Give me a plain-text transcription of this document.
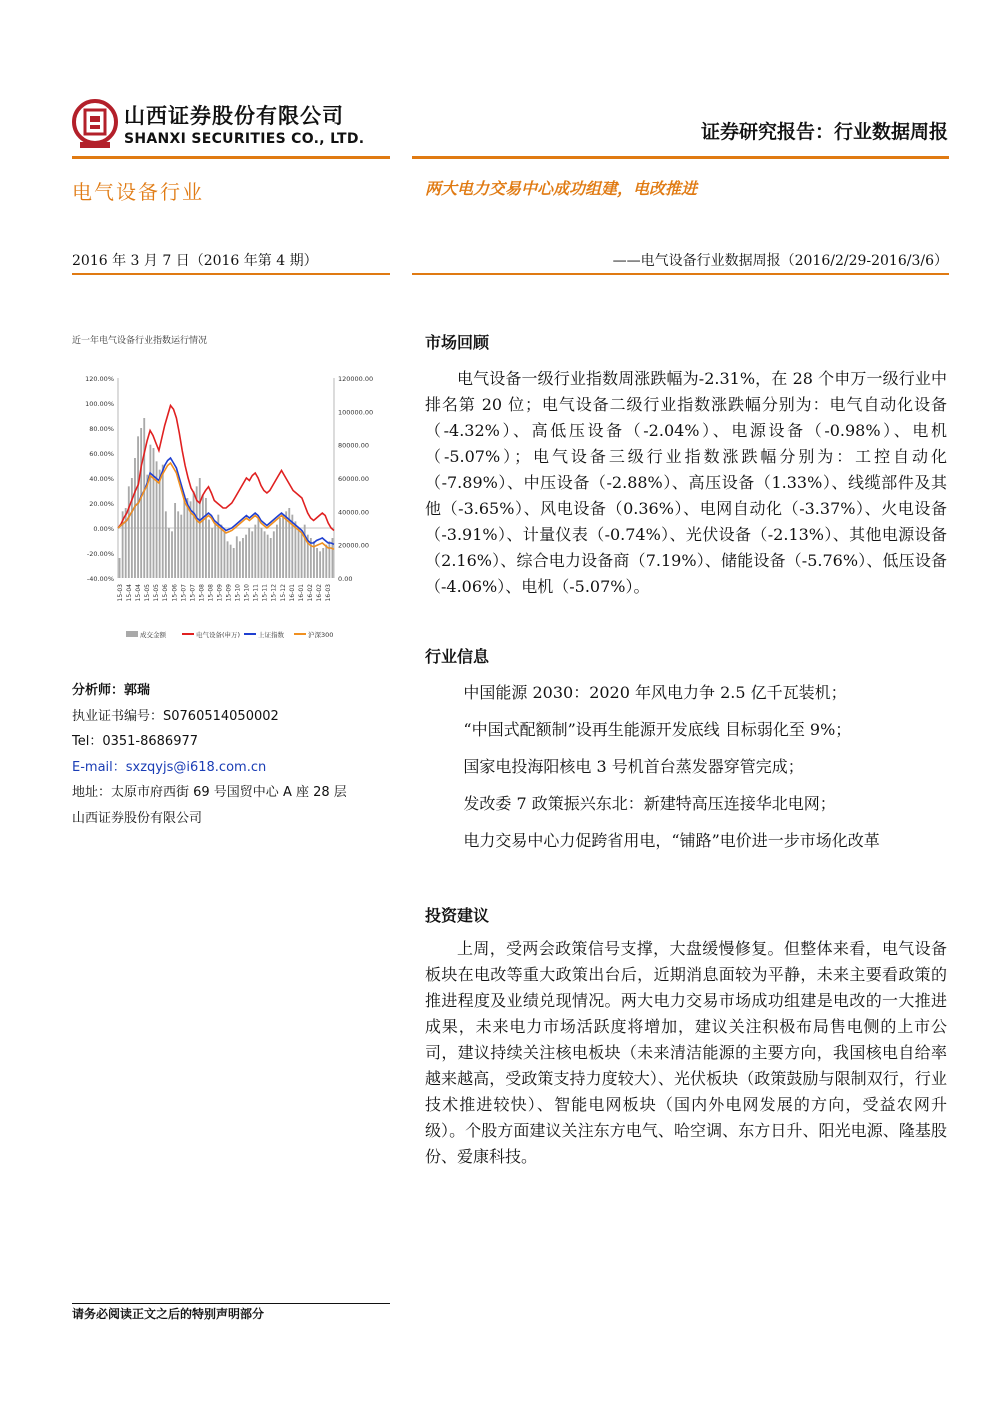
山西证券股份有限公司
SHANXI SECURITIES CO., LTD.	证券研究报告：行业数据周报
电气设备行业	两大电力交易中心成功组建，电改推进
2016 年 3 月 7 日（2016 年第 4 期）	——电气设备行业数据周报（2016/2/29-2016/3/6）
近一年电气设备行业指数运行情况
120.00%
100.00%
80.00%
60.00%
40.00%
20.00%
0.00%
-20.00%
-40.00%
120000.00
100000.00
80000.00
60000.00
40000.00
20000.00
0.00
15-03 15-04 15-04 15-05 15-05 15-06 15-06 15-07 15-07 15-08 15-08 15-09 15-09 15-10 15-10 15-11 15-11 15-12 15-12 16-01 16-01 16-02 16-02 16-03
成交金额	电气设备(申万)	上证指数	沪深300
分析师：郭瑞
执业证书编号：S0760514050002
Tel：0351-8686977
E-mail：sxzqyjs@i618.com.cn
地址：太原市府西街 69 号国贸中心 A 座 28 层
山西证券股份有限公司
市场回顾

电气设备一级行业指数周涨跌幅为-2.31%，在 28 个申万一级行业中排名第 20 位；电气设备二级行业指数涨跌幅分别为：电气自动化设备（-4.32%）、高低压设备（-2.04%）、电源设备（-0.98%）、电机（-5.07%）；电气设备三级行业指数涨跌幅分别为：工控自动化（-7.89%）、中压设备（-2.88%）、高压设备（1.33%）、线缆部件及其他（-3.65%）、风电设备（0.36%）、电网自动化（-3.37%）、火电设备（-3.91%）、计量仪表（-0.74%）、光伏设备（-2.13%）、其他电源设备（2.16%）、综合电力设备商（7.19%）、储能设备（-5.76%）、低压设备（-4.06%）、电机（-5.07%）。

行业信息

中国能源 2030：2020 年风电力争 2.5 亿千瓦装机；

“中国式配额制”设再生能源开发底线 目标弱化至 9%；

国家电投海阳核电 3 号机首台蒸发器穿管完成；

发改委 7 政策振兴东北：新建特高压连接华北电网；

电力交易中心力促跨省用电，“铺路”电价进一步市场化改革

投资建议

上周，受两会政策信号支撑，大盘缓慢修复。但整体来看，电气设备板块在电改等重大政策出台后，近期消息面较为平静，未来主要看政策的推进程度及业绩兑现情况。两大电力交易市场成功组建是电改的一大推进成果，未来电力市场活跃度将增加，建议关注积极布局售电侧的上市公司，建议持续关注核电板块（未来清洁能源的主要方向，我国核电自给率越来越高，受政策支持力度较大）、光伏板块（政策鼓励与限制双行，行业技术推进较快）、智能电网板块（国内外电网发展的方向，受益农网升级）。个股方面建议关注东方电气、哈空调、东方日升、阳光电源、隆基股份、爱康科技。

请务必阅读正文之后的特别声明部分
